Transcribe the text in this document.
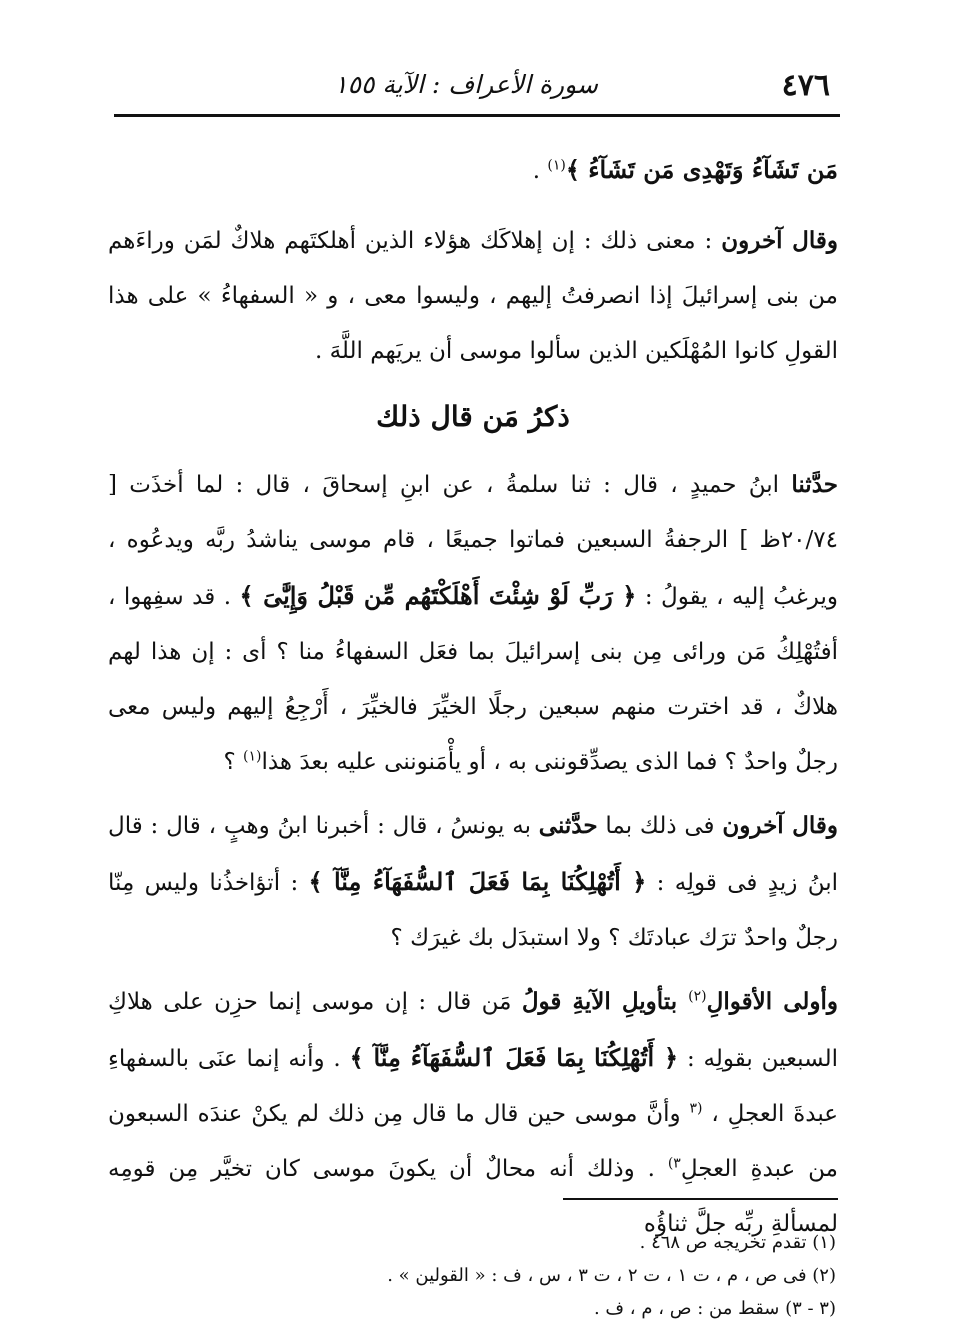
٤٧٦
سورة الأعراف : الآية ١٥٥

مَن تَشَآءُ وَتَهْدِى مَن تَشَآءُ ﴾$^{(١)}$ .

وقال آخرون : معنى ذلك : إن إهلاكَك هؤلاء الذين أهلكتَهم هلاكٌ لمَن وراءَهم من بنى إسرائيلَ إذا انصرفتُ إليهم ، وليسوا معى ، و « السفهاءُ » على هذا القولِ كانوا المُهْلَكين الذين سألوا موسى أن يريَهم اللَّهَ .

ذكرُ مَن قال ذلك

حدَّثنا ابنُ حميدٍ ، قال : ثنا سلمةُ ، عن ابنِ إسحاقَ ، قال : لما أخذَت [ ٢٠/٧٤ظ ] الرجفةُ السبعين فماتوا جميعًا ، قام موسى يناشدُ ربَّه ويدعُوه ، ويرغبُ إليه ، يقولُ : ﴿ رَبِّ لَوْ شِئْتَ أَهْلَكْتَهُم مِّن قَبْلُ وَإِيَّٰىَ ﴾ . قد سفِهوا ، أفتُهْلِكُ مَن ورائى مِن بنى إسرائيلَ بما فعَل السفهاءُ منا ؟ أى : إن هذا لهم هلاكٌ ، قد اخترت منهم سبعين رجلًا الخيِّرَ فالخيِّرَ ، أَرْجِعُ إليهم وليس معى رجلٌ واحدٌ ؟ فما الذى يصدِّقوننى به ، أو يأْمَنوننى عليه بعدَ هذا$^{(١)}$ ؟

وقال آخرون فى ذلك بما حدَّثنى به يونسُ ، قال : أخبرنا ابنُ وهبٍ ، قال : قال ابنُ زيدٍ فى قولِه : ﴿ أَتُهْلِكُنَا بِمَا فَعَلَ ٱلسُّفَهَآءُ مِنَّآ ﴾ : أتؤاخذُنا وليس مِنّا رجلٌ واحدٌ ترَك عبادتَك ؟ ولا استبدَل بك غيرَك ؟

وأولى الأقوالِ$^{(٢)}$ بتأويلِ الآيةِ قولُ مَن قال : إن موسى إنما حزِن على هلاكِ السبعين بقولِه : ﴿ أَتُهْلِكُنَا بِمَا فَعَلَ ٱلسُّفَهَآءُ مِنَّآ ﴾ . وأنه إنما عنَى بالسفهاءِ عبدةَ العجلِ ، $^{(٣}$ وأنَّ موسى حين قال ما قال مِن ذلك لم يكنْ عندَه السبعون من عبدةِ العجلِ$^{٣)}$ . وذلك أنه محالٌ أن يكونَ موسى كان تخيَّر مِن قومِه لمسألةِ ربِّه جلَّ ثناؤُه

(١) تقدم تخريجه ص ٤٦٨ .

(٢) فى ص ، م ، ت ١ ، ت ٢ ، ت ٣ ، س ، ف : « القولين » .

(٣ - ٣) سقط من : ص ، م ، ف .
